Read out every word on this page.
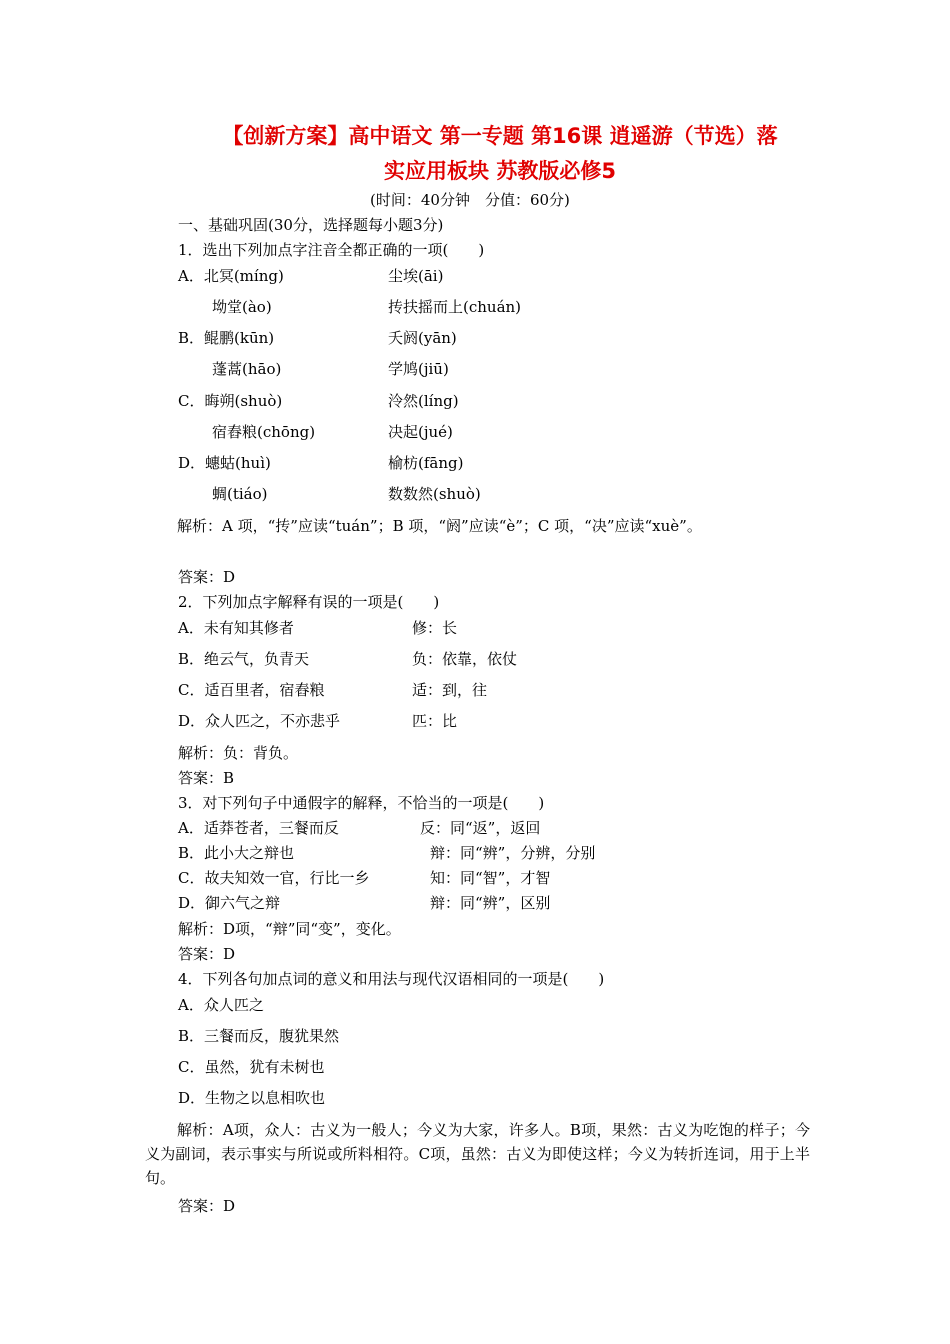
【创新方案】高中语文 第一专题 第16课 逍遥游（节选）落
实应用板块 苏教版必修5
(时间：40分钟　分值：60分)
一、基础巩固(30分，选择题每小题3分)
1．选出下列加点字注音全都正确的一项(　　)
A．北冥(míng)	尘埃(āi)
坳堂(ào)	抟扶摇而上(chuán)
B．鲲鹏(kūn)	夭阏(yān)
蓬蒿(hāo)	学鸠(jiū)
C．晦朔(shuò)	泠然(líng)
宿舂粮(chōng)	决起(jué)
D．蟪蛄(huì)	榆枋(fāng)
蜩(tiáo)	数数然(shuò)
解析：A 项，“抟”应读“tuán”；B 项，“阏”应读“è”；C 项，“决”应读“xuè”。
答案：D
2．下列加点字解释有误的一项是(　　)
A．未有知其修者	修：长
B．绝云气，负青天	负：依靠，依仗
C．适百里者，宿舂粮	适：到，往
D．众人匹之，不亦悲乎	匹：比
解析：负：背负。
答案：B
3．对下列句子中通假字的解释，不恰当的一项是(　　)
A．适莽苍者，三餐而反	反：同“返”，返回
B．此小大之辩也	辩：同“辨”，分辨，分别
C．故夫知效一官，行比一乡	知：同“智”，才智
D．御六气之辩	辩：同“辨”，区别
解析：D项，“辩”同“变”，变化。
答案：D
4．下列各句加点词的意义和用法与现代汉语相同的一项是(　　)
A．众人匹之
B．三餐而反，腹犹果然
C．虽然，犹有未树也
D．生物之以息相吹也
解析：A项，众人：古义为一般人；今义为大家，许多人。B项，果然：古义为吃饱的样子；今义为副词，表示事实与所说或所料相符。C项，虽然：古义为即使这样；今义为转折连词，用于上半句。
答案：D
